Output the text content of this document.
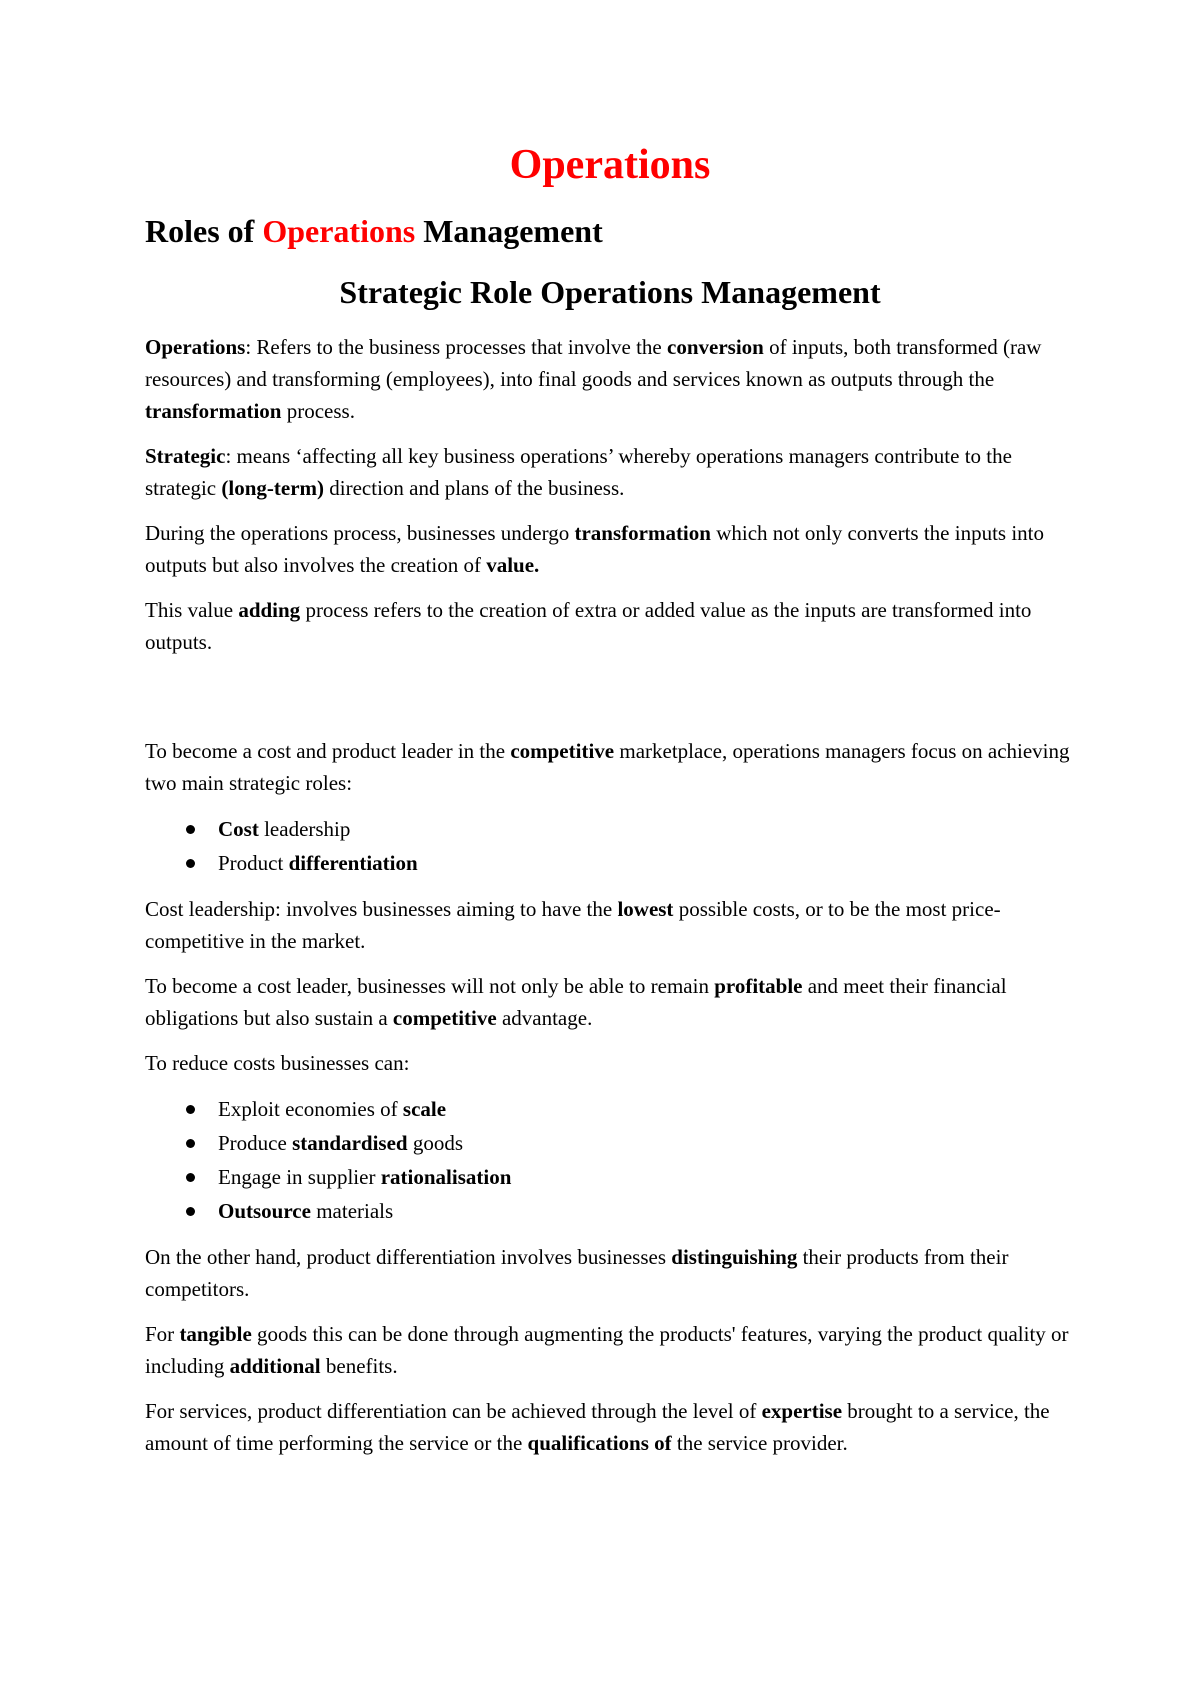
Operations
Roles of Operations Management
Strategic Role Operations Management

Operations: Refers to the business processes that involve the conversion of inputs, both transformed (raw resources) and transforming (employees), into final goods and services known as outputs through the transformation process.

Strategic: means ‘affecting all key business operations’ whereby operations managers contribute to the strategic (long-term) direction and plans of the business.

During the operations process, businesses undergo transformation which not only converts the inputs into outputs but also involves the creation of value.

This value adding process refers to the creation of extra or added value as the inputs are transformed into outputs.

To become a cost and product leader in the competitive marketplace, operations managers focus on achieving two main strategic roles:

Cost leadership
Product differentiation

Cost leadership: involves businesses aiming to have the lowest possible costs, or to be the most price-competitive in the market.

To become a cost leader, businesses will not only be able to remain profitable and meet their financial obligations but also sustain a competitive advantage.

To reduce costs businesses can:

Exploit economies of scale
Produce standardised goods
Engage in supplier rationalisation
Outsource materials

On the other hand, product differentiation involves businesses distinguishing their products from their competitors.

For tangible goods this can be done through augmenting the products' features, varying the product quality or including additional benefits.

For services, product differentiation can be achieved through the level of expertise brought to a service, the amount of time performing the service or the qualifications of the service provider.
